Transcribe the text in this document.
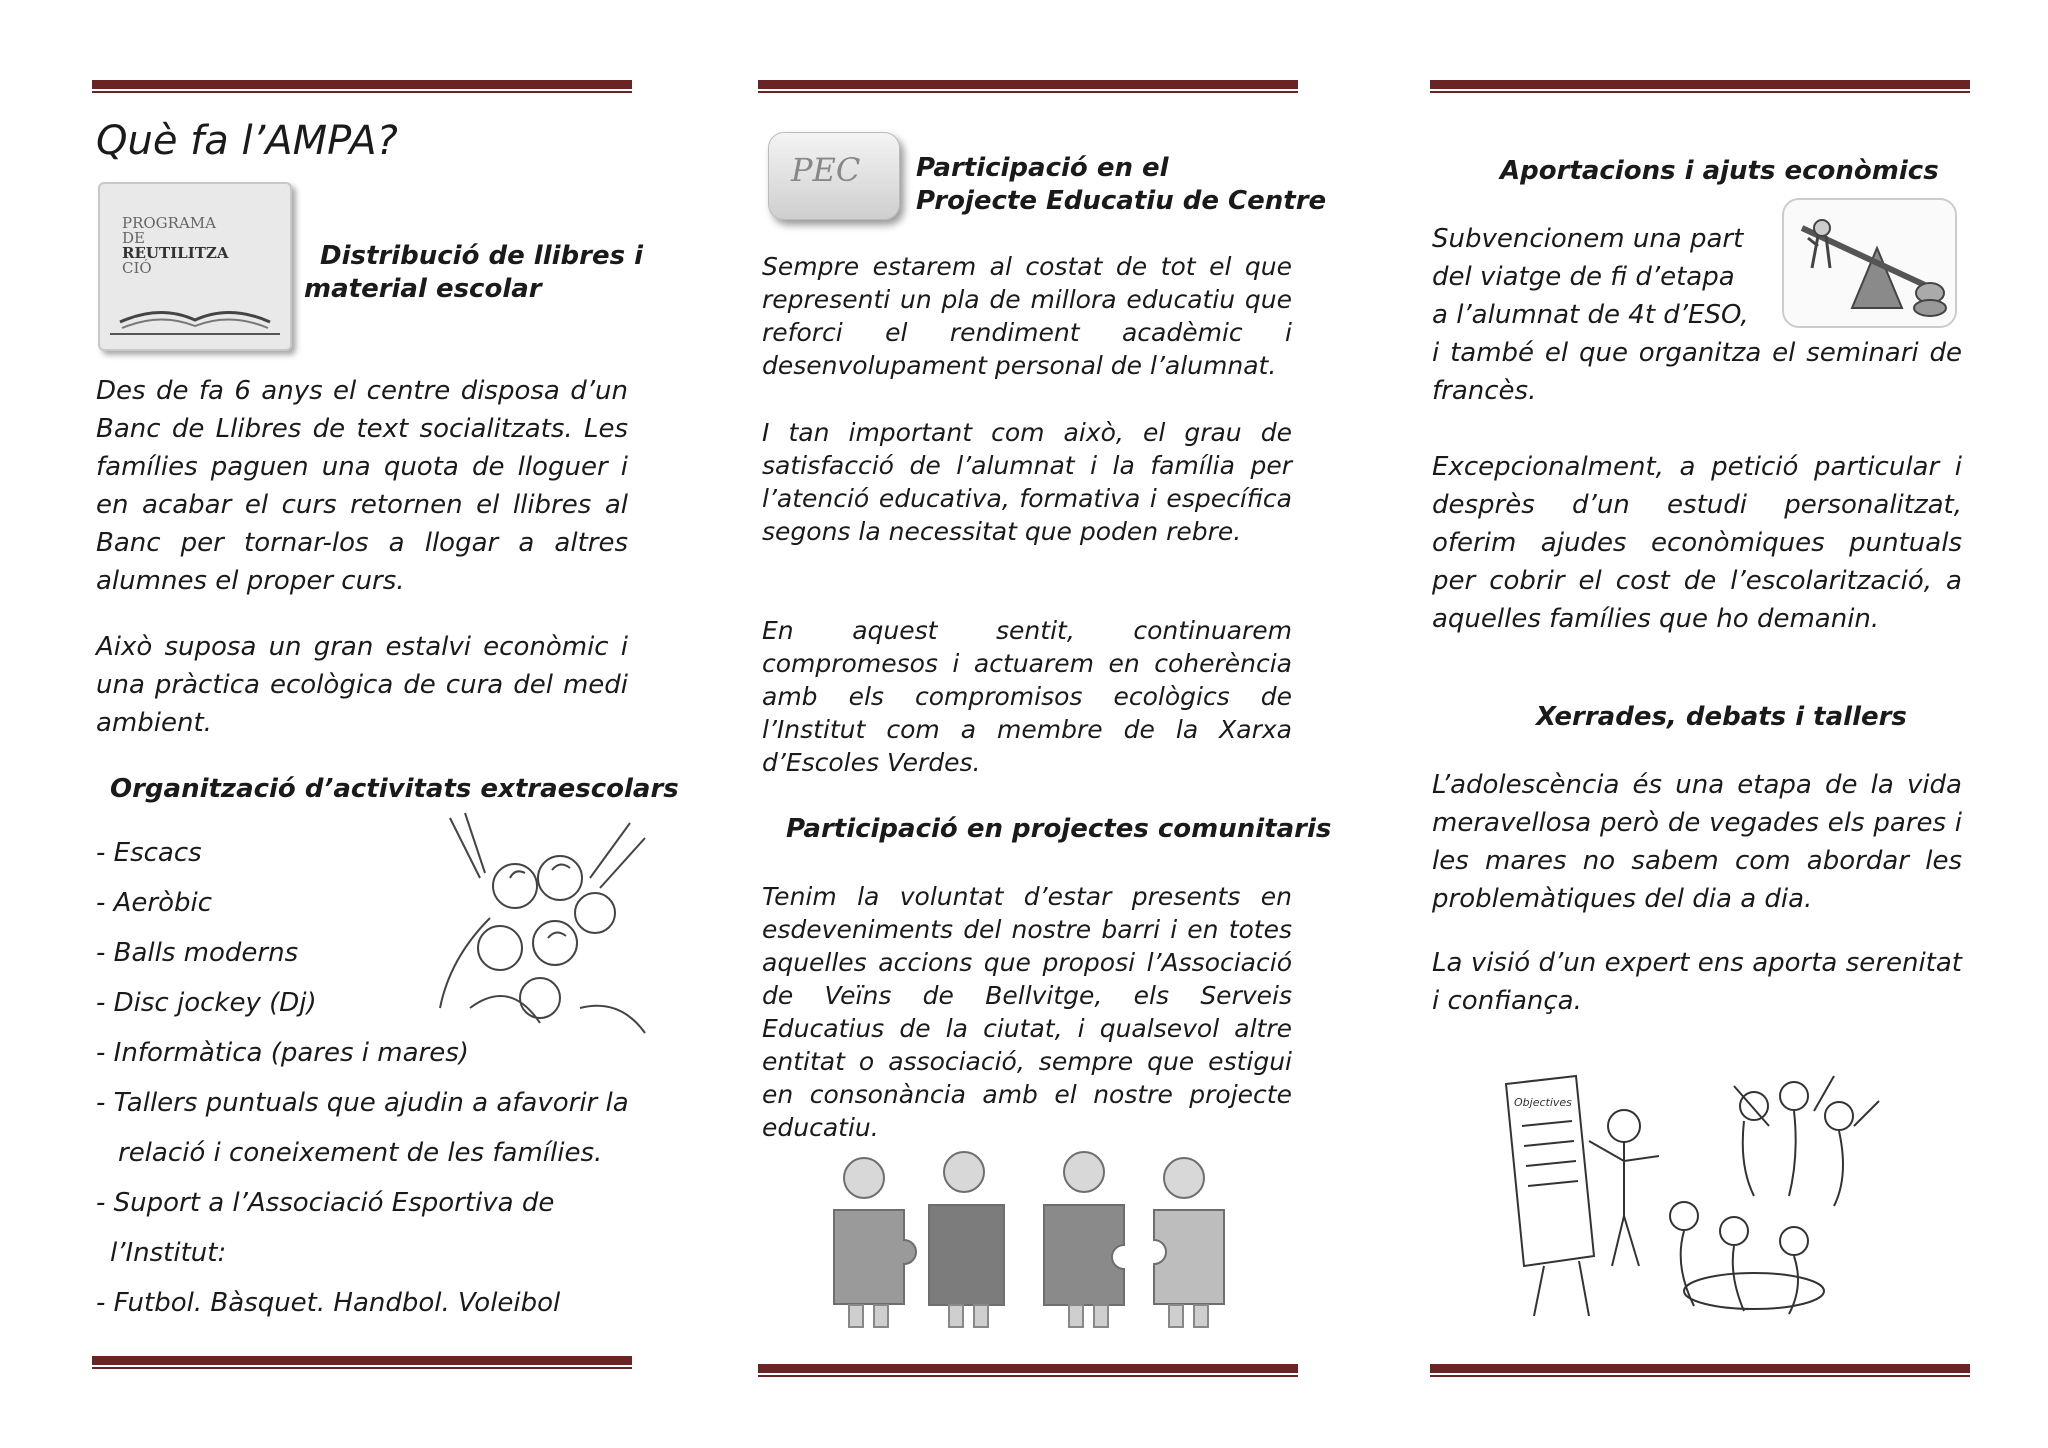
Què fa l’AMPA?
PROGRAMA
DE
REUTILITZA
CIÓ	Distribució de llibres i
material escolar
Des de fa 6 anys el centre disposa d’un Banc de Llibres de text socialitzats. Les famílies paguen una quota de lloguer i en acabar el curs retornen el llibres al Banc per tornar-los a llogar a altres alumnes el proper curs.
Això suposa un gran estalvi econòmic i una pràctica ecològica de cura del medi ambient.
Organització d’activitats extraescolars
- Escacs
- Aeròbic
- Balls moderns
- Disc jockey (Dj)
- Informàtica (pares i mares)
- Tallers puntuals que ajudin a afavorir la
relació i coneixement de les famílies.
- Suport a l’Associació Esportiva de
l’Institut:
- Futbol. Bàsquet. Handbol. Voleibol
PEC Participació en el
Projecte Educatiu de Centre
Sempre estarem al costat de tot el que representi un pla de millora educatiu que reforci el rendiment acadèmic i desenvolupament personal de l’alumnat.
I tan important com això, el grau de satisfacció de l’alumnat i la família per l’atenció educativa, formativa i específica segons la necessitat que poden rebre.
En aquest sentit, continuarem compromesos i actuarem en coherència amb els compromisos ecològics de l’Institut com a membre de la Xarxa d’Escoles Verdes.
Participació en projectes comunitaris
Tenim la voluntat d’estar presents en esdeveniments del nostre barri i en totes aquelles accions que proposi l’Associació de Veïns de Bellvitge, els Serveis Educatius de la ciutat, i qualsevol altre entitat o associació, sempre que estigui en consonància amb el nostre projecte educatiu.
Aportacions i ajuts econòmics
Subvencionem una part
del viatge de fi d’etapa
a l’alumnat de 4t d’ESO,
i també el que organitza el seminari de francès.
Excepcionalment, a petició particular i desprès d’un estudi personalitzat, oferim ajudes econòmiques puntuals per cobrir el cost de l’escolarització, a aquelles famílies que ho demanin.
Xerrades, debats i tallers
L’adolescència és una etapa de la vida meravellosa però de vegades els pares i les mares no sabem com abordar les problemàtiques del dia a dia.
La visió d’un expert ens aporta serenitat i confiança.
Objectives
